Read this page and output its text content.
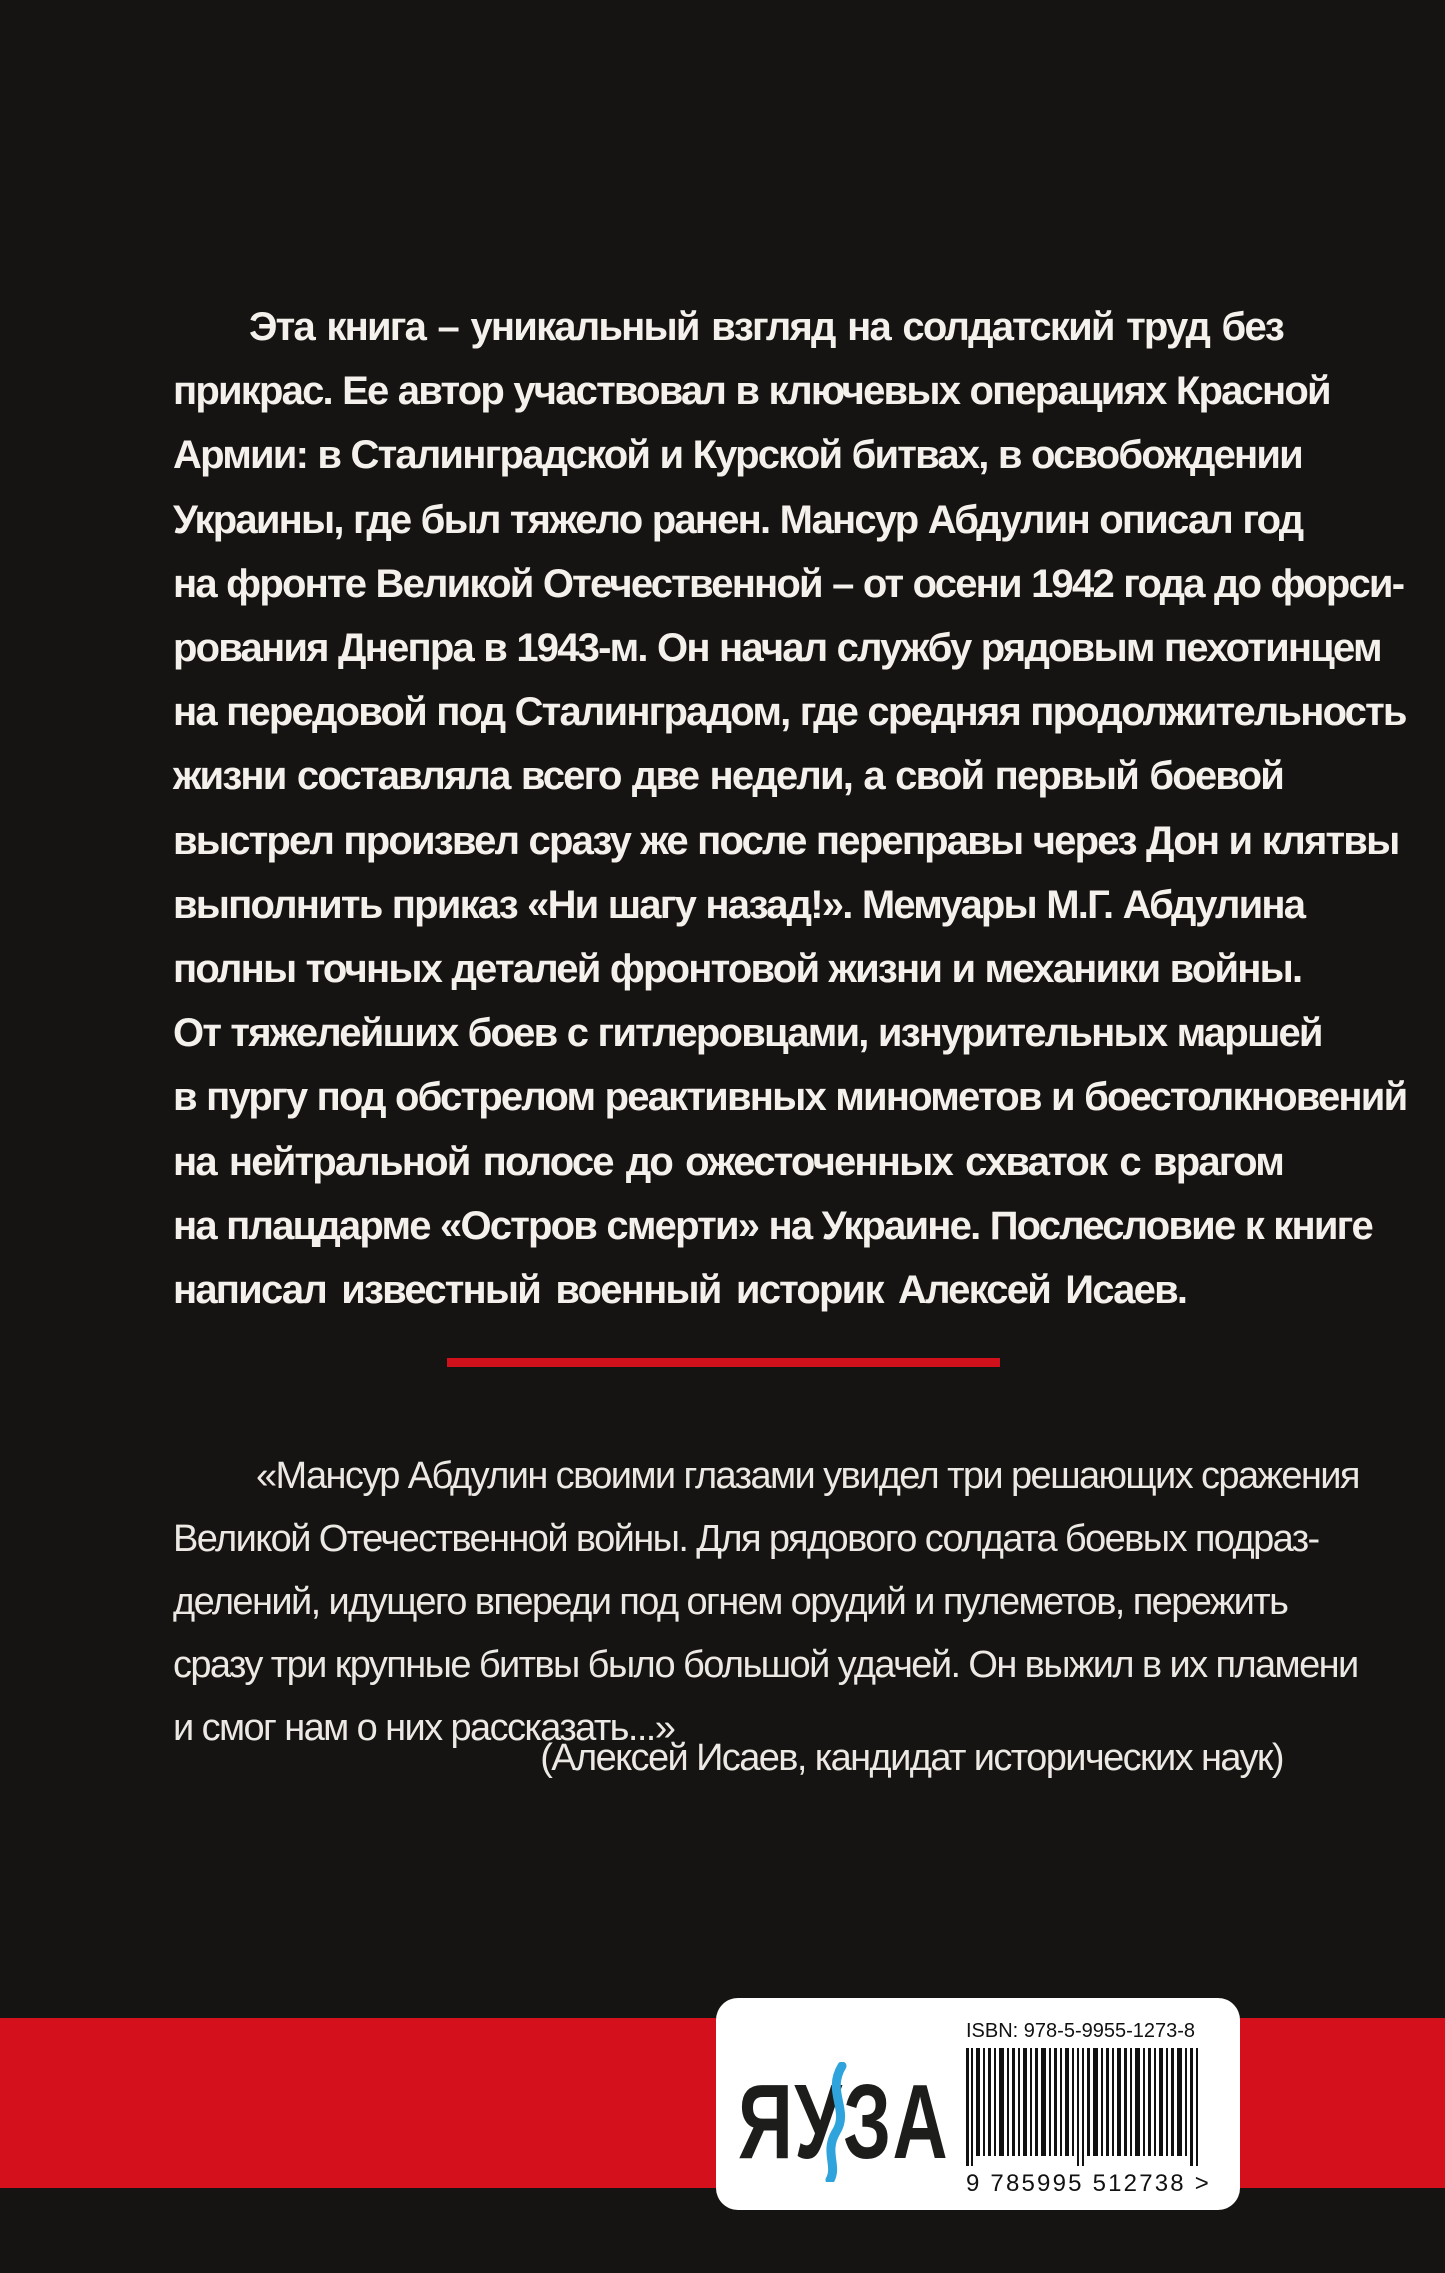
Эта книга – уникальный взгляд на солдатский труд без
прикрас. Ее автор участвовал в ключевых операциях Красной
Армии: в Сталинградской и Курской битвах, в освобождении
Украины, где был тяжело ранен. Мансур Абдулин описал год
на фронте Великой Отечественной – от осени 1942 года до форси-
рования Днепра в 1943-м. Он начал службу рядовым пехотинцем
на передовой под Сталинградом, где средняя продолжительность
жизни составляла всего две недели, а свой первый боевой
выстрел произвел сразу же после переправы через Дон и клятвы
выполнить приказ «Ни шагу назад!». Мемуары М.Г. Абдулина
полны точных деталей фронтовой жизни и механики войны.
От тяжелейших боев с гитлеровцами, изнурительных маршей
в пургу под обстрелом реактивных минометов и боестолкновений
на нейтральной полосе до ожесточенных схваток с врагом
на плацдарме «Остров смерти» на Украине. Послесловие к книге
написал известный военный историк Алексей Исаев.
«Мансур Абдулин своими глазами увидел три решающих сражения
Великой Отечественной войны. Для рядового солдата боевых подраз-
делений, идущего впереди под огнем орудий и пулеметов, пережить
сразу три крупные битвы было большой удачей. Он выжил в их пламени
и смог нам о них рассказать...»
(Алексей Исаев, кандидат исторических наук)
ЯУЗА
ISBN: 978-5-9955-1273-8
9 785995 512738 >
